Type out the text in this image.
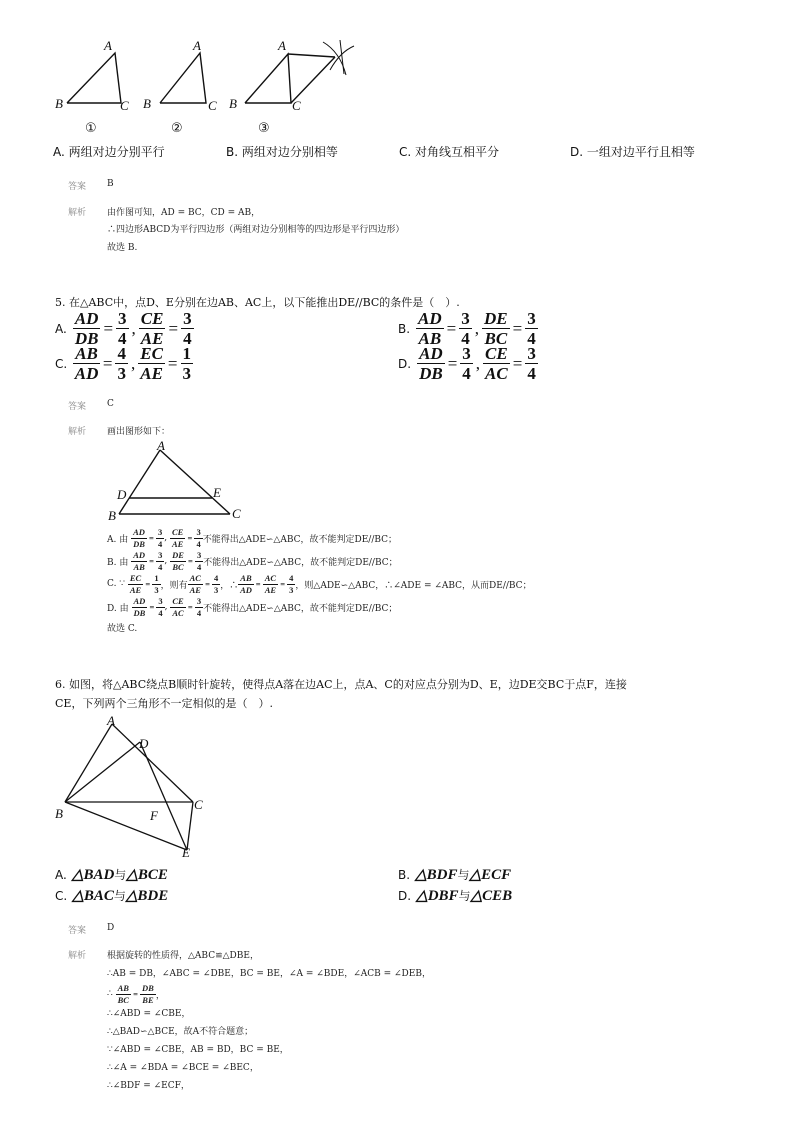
A
B	C
A
B	C
A
B	C
①	②	③
A. 两组对边分别平行	B. 两组对边分别相等	C. 对角线互相平分	D. 一组对边平行且相等
答案 B
解析 由作图可知，AD = BC，CD = AB，
∴四边形ABCD为平行四边形（两组对边分别相等的四边形是平行四边形）
故选 B.
5. 在△ABC中，点D、E分别在边AB、AC上，以下能推出DE//BC的条件是（　）.
A. $\frac{AD}{DB} = \frac{3}{4}$ , $\frac{CE}{AE} = \frac{3}{4}$	B. $\frac{AD}{AB} = \frac{3}{4}$ , $\frac{DE}{BC} = \frac{3}{4}$
C. $\frac{AB}{AD} = \frac{4}{3}$ , $\frac{EC}{AE} = \frac{1}{3}$	D. $\frac{AD}{DB} = \frac{3}{4}$ , $\frac{CE}{AC} = \frac{3}{4}$
答案 C
解析 画出图形如下：
A
D	E
B	C
A. 由
$\frac{AD}{DB} = \frac{3}{4}$ , $\frac{CE}{AE} = \frac{3}{4}$ 不能得出△ADE∽△ABC，故不能判定DE//BC；
B. 由
$\frac{AD}{AB} = \frac{3}{4}$ , $\frac{DE}{BC} = \frac{3}{4}$ 不能得出△ADE∽△ABC，故不能判定DE//BC；
C. ∵
$\frac{EC}{AE} = \frac{1}{3}$ ，则有 $\frac{AC}{AE} = \frac{4}{3}$ ，∴ $\frac{AB}{AD} = \frac{AC}{AE} = \frac{4}{3}$ ，则△ADE∽△ABC，∴∠ADE = ∠ABC，从而DE//BC；
D. 由
$\frac{AD}{DB} = \frac{3}{4}$ , $\frac{CE}{AC} = \frac{3}{4}$ 不能得出△ADE∽△ABC，故不能判定DE//BC；
故选 C.
6. 如图，将△ABC绕点B顺时针旋转，使得点A落在边AC上，点A、C的对应点分别为D、E，边DE交BC于点F，连接
CE，下列两个三角形不一定相似的是（　）.
A
D
B
C
F
E
A. △BAD与△BCE	B. △BDF与△ECF
C. △BAC与△BDE	D. △DBF与△CEB
答案 D
解析 根据旋转的性质得，△ABC≌△DBE，
∴AB = DB，∠ABC = ∠DBE，BC = BE，∠A = ∠BDE，∠ACB = ∠DEB，
∴
$\frac{AB}{BC} = \frac{DB}{BE}$ ，
∴∠ABD = ∠CBE，
∴△BAD∽△BCE，故A不符合题意；
∵∠ABD = ∠CBE，AB = BD，BC = BE，
∴∠A = ∠BDA = ∠BCE = ∠BEC，
∴∠BDF = ∠ECF，
